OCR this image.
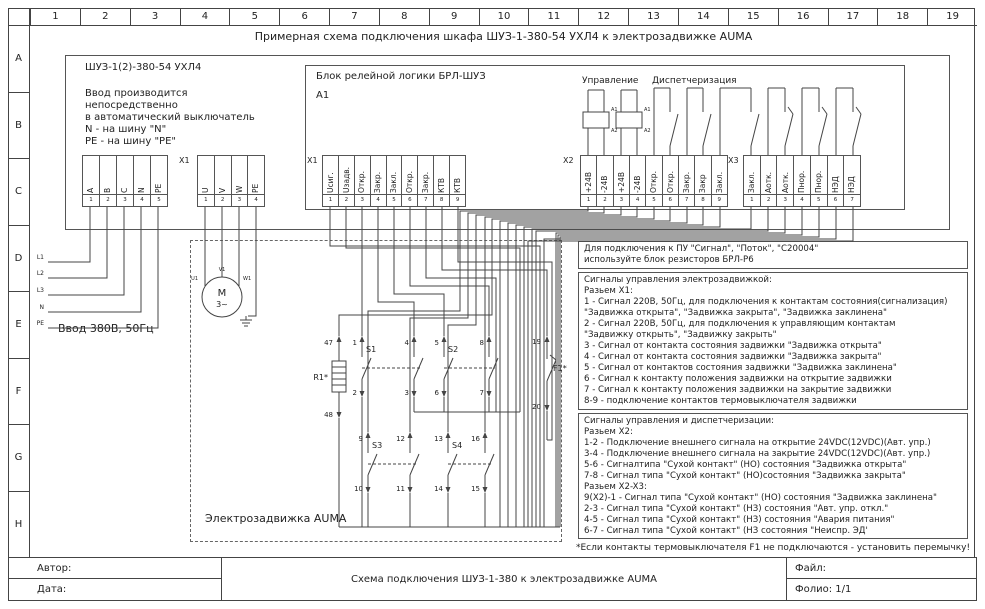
1	2	3	4	5	6	7	8	9	10	11	12	13	14	15	16	17	18	19
A
B
C
D
E
F
G
H
Примерная схема подключения шкафа ШУЗ-1-380-54 УХЛ4 к электрозадвижке AUMA
ШУЗ-1(2)-380-54 УХЛ4
Ввод производится
непосредственно
в автоматический выключатель
N - на шину "N"
PE - на шину "PE"
Блок релейной логики БРЛ-ШУЗ
А1
Управление Диспетчеризация
Электрозадвижка AUMA
Ввод 380В, 50Гц
А
1
В
2
С
3
N
4
PE
5
U
1
V
2
W
3
PE
4
Uсиг.
1
Uзадв.
2
Откр.
3
Закр.
4
Закл.
5
Откр.
6
Закр.
7
КТВ
8
КТВ
9
+24В
1
-24В
2
+24В
3
-24В
4
Откр.
5
Откр.
6
Закр.
7
Закр
8
Закл.
9
Закл.
1
Аотк.
2
Аотк.
3
Пнор.
4
Пнор.
5
НЭД
6
НЭД
7
X1	X1	X2	X3
Для подключения к ПУ "Сигнал", "Поток", "С20004"
используйте блок резисторов БРЛ-Р6
Сигналы управления электрозадвижкой:
Разьем X1:
1 - Сигнал 220В, 50Гц, для подключения к контактам состояния(сигнализация)
"Задвижка открыта", "Задвижка закрыта", "Задвижка заклинена"
2 - Сигнал 220В, 50Гц, для подключения к управляющим контактам
"Задвижку открыть", "Задвижку закрыть"
3 - Сигнал от контакта состояния задвижки "Задвижка открыта"
4 - Сигнал от контакта состояния задвижки "Задвижка закрыта"
5 - Сигнал от контактов состояния задвижки "Задвижка заклинена"
6 - Сигнал к контакту положения задвижки на открытие задвижки
7 - Сигнал к контакту положения задвижки на закрытие задвижки
8-9 - подключение контактов термовыключателя задвижки
Сигналы управления и диспетчеризации:
Разьем X2:
1-2 - Подключение внешнего сигнала на открытие 24VDC(12VDC)(Авт. упр.)
3-4 - Подключение внешнего сигнала на закрытие 24VDC(12VDC)(Авт. упр.)
5-6 - Сигналтипа "Сухой контакт" (НО) состояния "Задвижка открыта"
7-8 - Сигнал типа "Сухой контакт" (НО)состояния "Задвижка закрыта"
Разьем X2-X3:
9(X2)-1 - Сигнал типа "Сухой контакт" (НО) состояния "Задвижка заклинена"
2-3 - Сигнал типа "Сухой контакт" (НЗ) состояния "Авт. упр. откл."
4-5 - Сигнал типа "Сухой контакт" (НЗ) состояния "Авария питания"
6-7 - Сигнал типа "Сухой контакт" (НЗ состояния "Неиспр. ЭД'
*Если контакты термовыключателя F1 не подключаются - установить перемычку!
Автор:
Дата:
Схема подключения ШУЗ-1-380 к электрозадвижке AUMA
Файл:
Фолио: 1/1
М
3~
U1
V1
W1
47
48
R1*
19
20
F1*
1
2
4
3
S1
5
6
8
7
S2
9
10
12
11
S3
13
14
16
15
S4
L1
L2
L3
N
PE
А1
А2
А1
А2
